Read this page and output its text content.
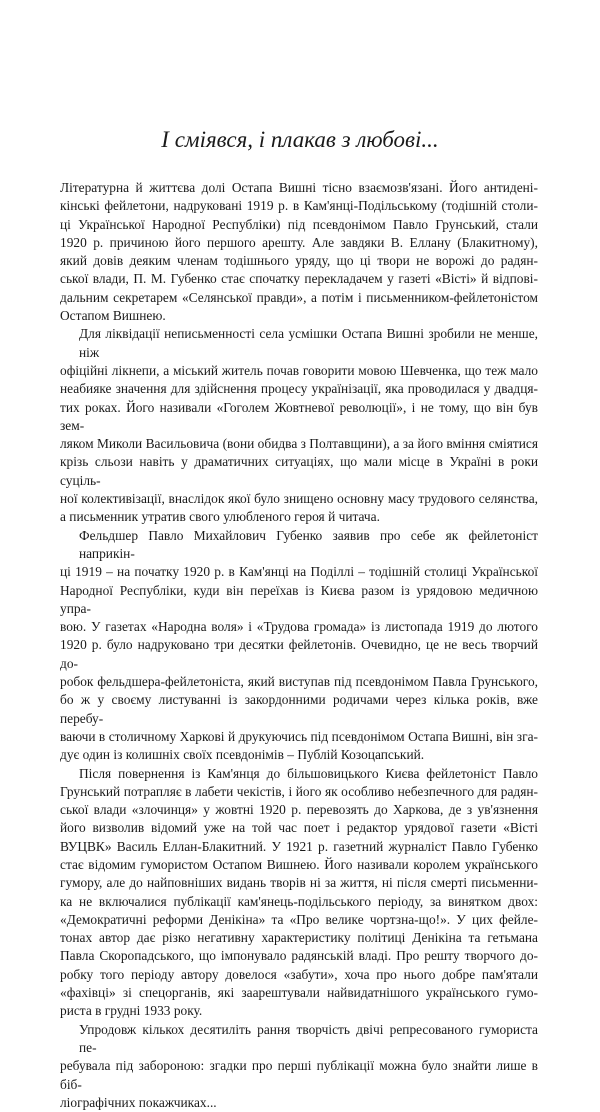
І сміявся, і плакав з любові...

Літературна й життєва долі Остапа Вишні тісно взаємозв'язані. Його антидені-
кінські фейлетони, надруковані 1919 р. в Кам'янці-Подільському (тодішній столи-
ці Української Народної Республіки) під псевдонімом Павло Грунський, стали
1920 р. причиною його першого арешту. Але завдяки В. Еллану (Блакитному),
який довів деяким членам тодішнього уряду, що ці твори не ворожі до радян-
ської влади, П. М. Губенко стає спочатку перекладачем у газеті «Вісті» й відпові-
дальним секретарем «Селянської правди», а потім і письменником-фейлетоністом
Остапом Вишнею.

Для ліквідації неписьменності села усмішки Остапа Вишні зробили не менше, ніж
офіційні лікнепи, а міський житель почав говорити мовою Шевченка, що теж мало
неабияке значення для здійснення процесу українізації, яка проводилася у двадця-
тих роках. Його називали «Гоголем Жовтневої революції», і не тому, що він був зем-
ляком Миколи Васильовича (вони обидва з Полтавщини), а за його вміння сміятися
крізь сльози навіть у драматичних ситуаціях, що мали місце в Україні в роки суціль-
ної колективізації, внаслідок якої було знищено основну масу трудового селянства,
а письменник утратив свого улюбленого героя й читача.

Фельдшер Павло Михайлович Губенко заявив про себе як фейлетоніст наприкін-
ці 1919 – на початку 1920 р. в Кам'янці на Поділлі – тодішній столиці Української
Народної Республіки, куди він переїхав із Києва разом із урядовою медичною упра-
вою. У газетах «Народна воля» і «Трудова громада» із листопада 1919 до лютого
1920 р. було надруковано три десятки фейлетонів. Очевидно, це не весь творчий до-
робок фельдшера-фейлетоніста, який виступав під псевдонімом Павла Грунського,
бо ж у своєму листуванні із закордонними родичами через кілька років, вже перебу-
ваючи в столичному Харкові й друкуючись під псевдонімом Остапа Вишні, він зга-
дує один із колишніх своїх псевдонімів – Публій Козоцапський.

Після повернення із Кам'янця до більшовицького Києва фейлетоніст Павло
Грунський потрапляє в лабети чекістів, і його як особливо небезпечного для радян-
ської влади «злочинця» у жовтні 1920 р. перевозять до Харкова, де з ув'язнення
його визволив відомий уже на той час поет і редактор урядової газети «Вісті
ВУЦВК» Василь Еллан-Блакитний. У 1921 р. газетний журналіст Павло Губенко
стає відомим гумористом Остапом Вишнею. Його називали королем українського
гумору, але до найповніших видань творів ні за життя, ні після смерті письменни-
ка не включалися публікації кам'янець-подільського періоду, за винятком двох:
«Демократичні реформи Денікіна» та «Про велике чортзна-що!». У цих фейле-
тонах автор дає різко негативну характеристику політиці Денікіна та гетьмана
Павла Скоропадського, що імпонувало радянській владі. Про решту творчого до-
робку того періоду автору довелося «забути», хоча про нього добре пам'ятали
«фахівці» зі спецорганів, які заарештували найвидатнішого українського гумо-
риста в грудні 1933 року.

Упродовж кількох десятиліть рання творчість двічі репресованого гумориста пе-
ребувала під забороною: згадки про перші публікації можна було знайти лише в біб-
ліографічних покажчиках...
